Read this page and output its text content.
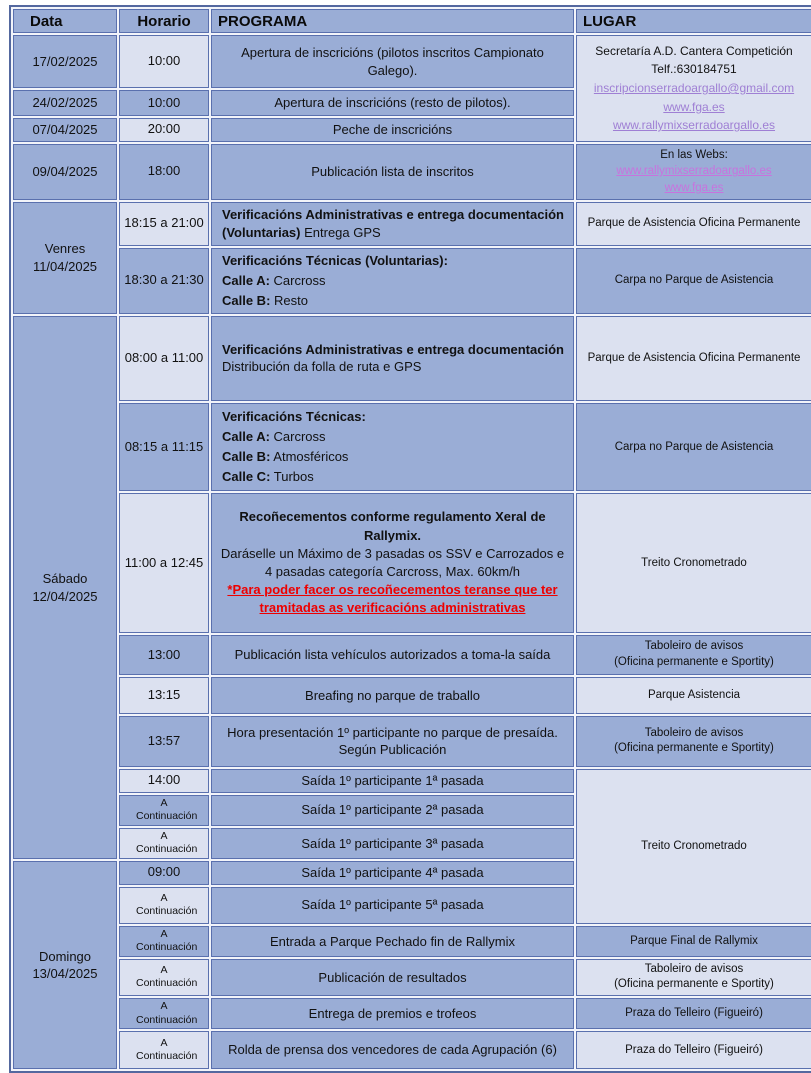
Data	Horario	PROGRAMA	LUGAR
17/02/2025	10:00	Apertura de inscricións (pilotos inscritos Campionato Galego).	Secretaría A.D. Cantera Competición
Telf.:630184751
inscripcionserradoargallo@gmail.com
www.fga.es
www.rallymixserradoargallo.es

24/02/2025	10:00	Apertura de inscricións (resto de pilotos).	
07/04/2025	20:00	Peche de inscricións	
09/04/2025	18:00	Publicación lista de inscritos	En las Webs:
www.rallymixserradoargallo.es
www.fga.es

Venres 11/04/2025	18:15 a 21:00	Verificacións Administrativas e entrega documentación (Voluntarias) Entrega GPS	Parque de Asistencia Oficina Permanente
	18:30 a 21:30	Verificacións Técnicas (Voluntarias):
Calle A: Carcross
Calle B: Resto	Carpa no Parque de Asistencia
Sábado 12/04/2025	08:00 a 11:00	Verificacións Administrativas e entrega documentación Distribución da folla de ruta e GPS	Parque de Asistencia Oficina Permanente
	08:15 a 11:15	Verificacións Técnicas:
Calle A: Carcross
Calle B: Atmosféricos
Calle C: Turbos	Carpa no Parque de Asistencia
	11:00 a 12:45	Recoñecementos conforme regulamento Xeral de Rallymix.
Daráselle un Máximo de 3 pasadas os SSV e Carrozados e 4 pasadas categoría Carcross, Max. 60km/h
*Para poder facer os recoñecementos teranse que ter tramitadas as verificacións administrativas	Treito Cronometrado
	13:00	Publicación lista vehículos autorizados a toma-la saída	Taboleiro de avisos
(Oficina permanente e Sportity)

	13:15	Breafing no parque de traballo	Parque Asistencia
	13:57	Hora presentación 1º participante no parque de presaída. Según Publicación	Taboleiro de avisos
(Oficina permanente e Sportity)

	14:00	Saída 1º participante 1ª pasada	Treito Cronometrado
	A Continuación	Saída 1º participante 2ª pasada	
	A Continuación	Saída 1º participante 3ª pasada	
Domingo 13/04/2025	09:00	Saída 1º participante 4ª pasada	
	A Continuación	Saída 1º participante 5ª pasada	
	A Continuación	Entrada a Parque Pechado fin de Rallymix	Parque Final de Rallymix
	A Continuación	Publicación de resultados	Taboleiro de avisos
(Oficina permanente e Sportity)

	A Continuación	Entrega de premios e trofeos	Praza do Telleiro (Figueiró)
	A Continuación	Rolda de prensa dos vencedores de cada Agrupación (6)	Praza do Telleiro (Figueiró)
